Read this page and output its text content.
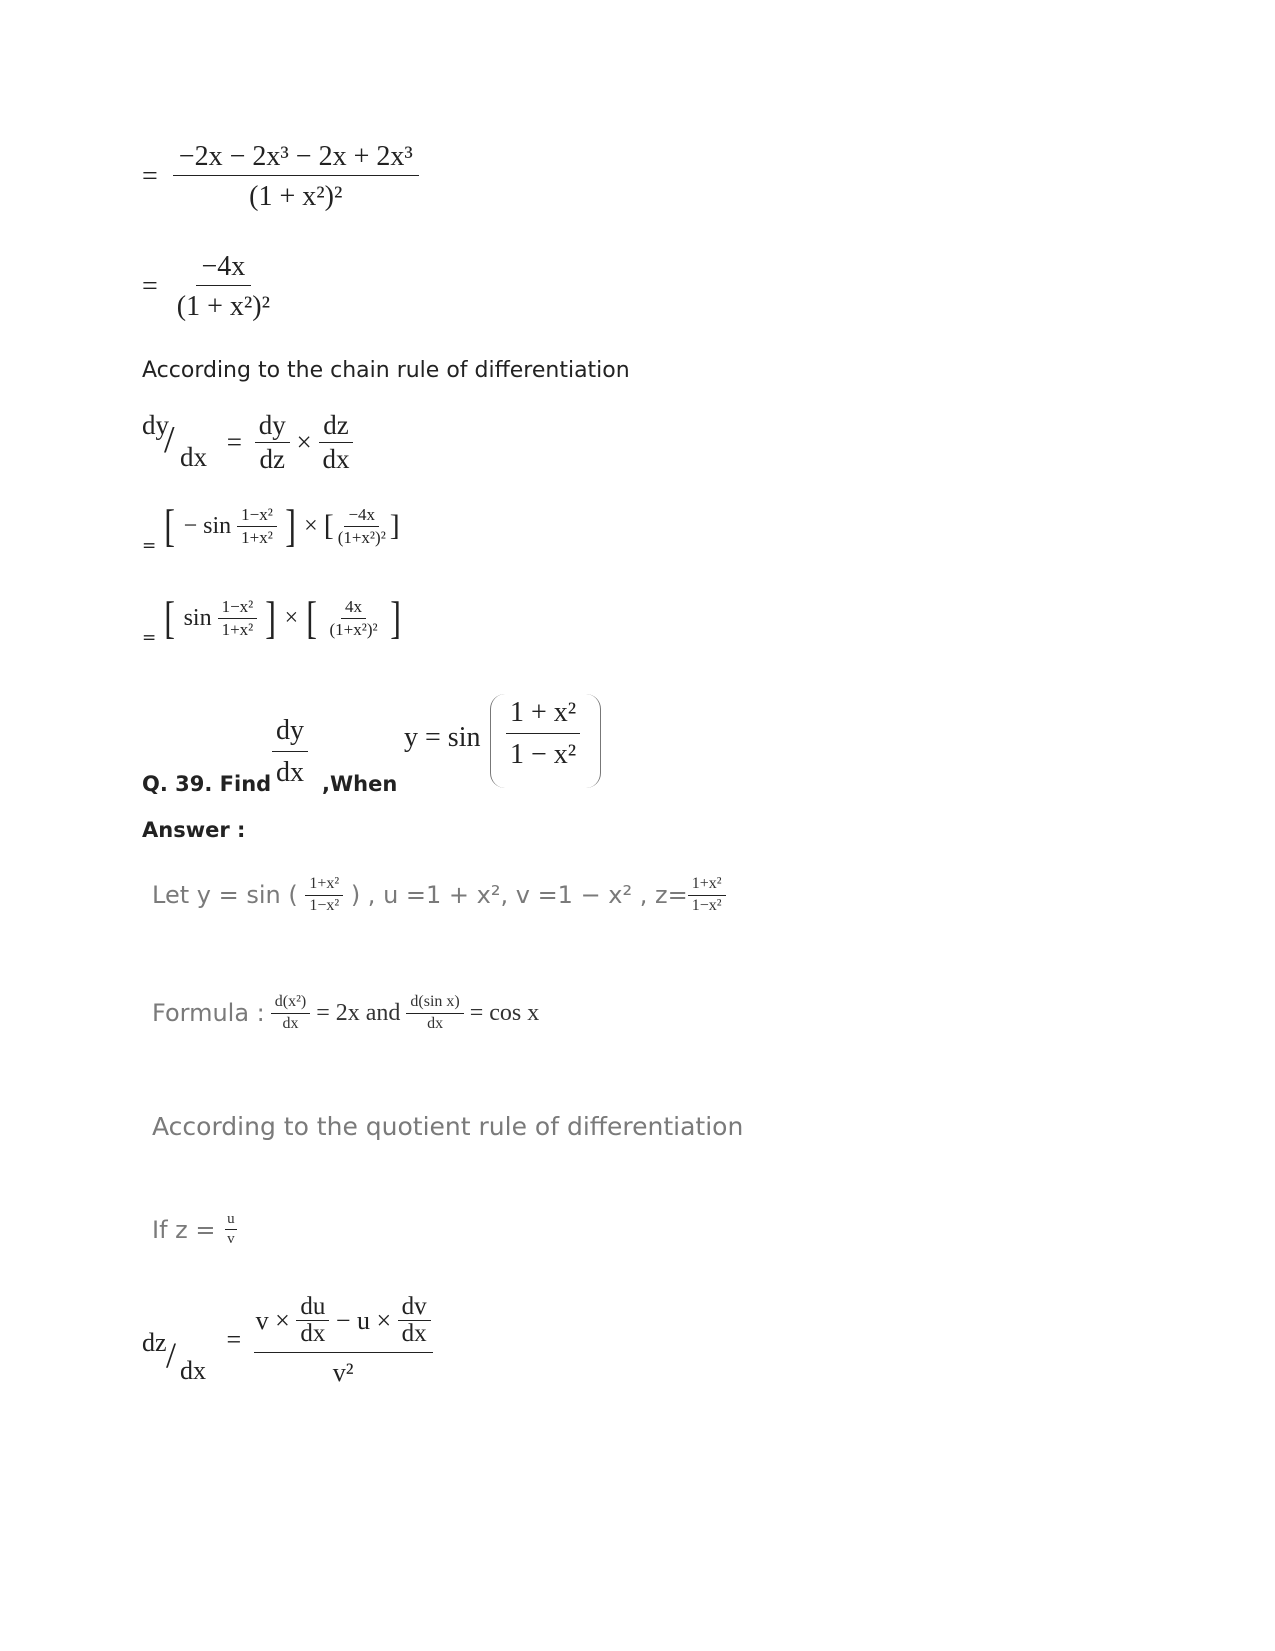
= $\frac{\text{−2x − 2x³ − 2x + 2x³}}{\text{(1 + x²)²}}$
= $\frac{-4x}{\text{(1 + x²)²}}$
According to the chain rule of differentiation
dy
/ dx
= $\frac{dy}{dz} \times \frac{dz}{dx}$
= [ − $\sin \frac{\text{1−x²}}{\text{1+x²}}$ ] × [ $\frac{-4x}{\text{(1+x²)²}}$ ]
= [ $\sin \frac{\text{1−x²}}{\text{1+x²}}$ ] × [ $\frac{4x}{\text{(1+x²)²}}$ ]
Q. 39. Find $\frac{dy}{dx}$ ,When
$y = \sin \frac{\text{1 + x²}}{\text{1 − x²}}$
Answer :
Let y = sin ( $\frac{\text{1+x²}}{\text{1−x²}}$ ) , u =1 + x², v =1 − x² , $z= \frac{\text{1+x²}}{\text{1−x²}}$
Formula : $\frac{\text{d(x²)}}{dx} = 2x$ and $\frac{\text{d(sin x)}}{dx} = \cos x$
According to the quotient rule of differentiation
If $z = \frac{u}{v}$
dz / dx
=
$v \times \frac{du}{dx} - u \times \frac{dv}{dx}$
v²
